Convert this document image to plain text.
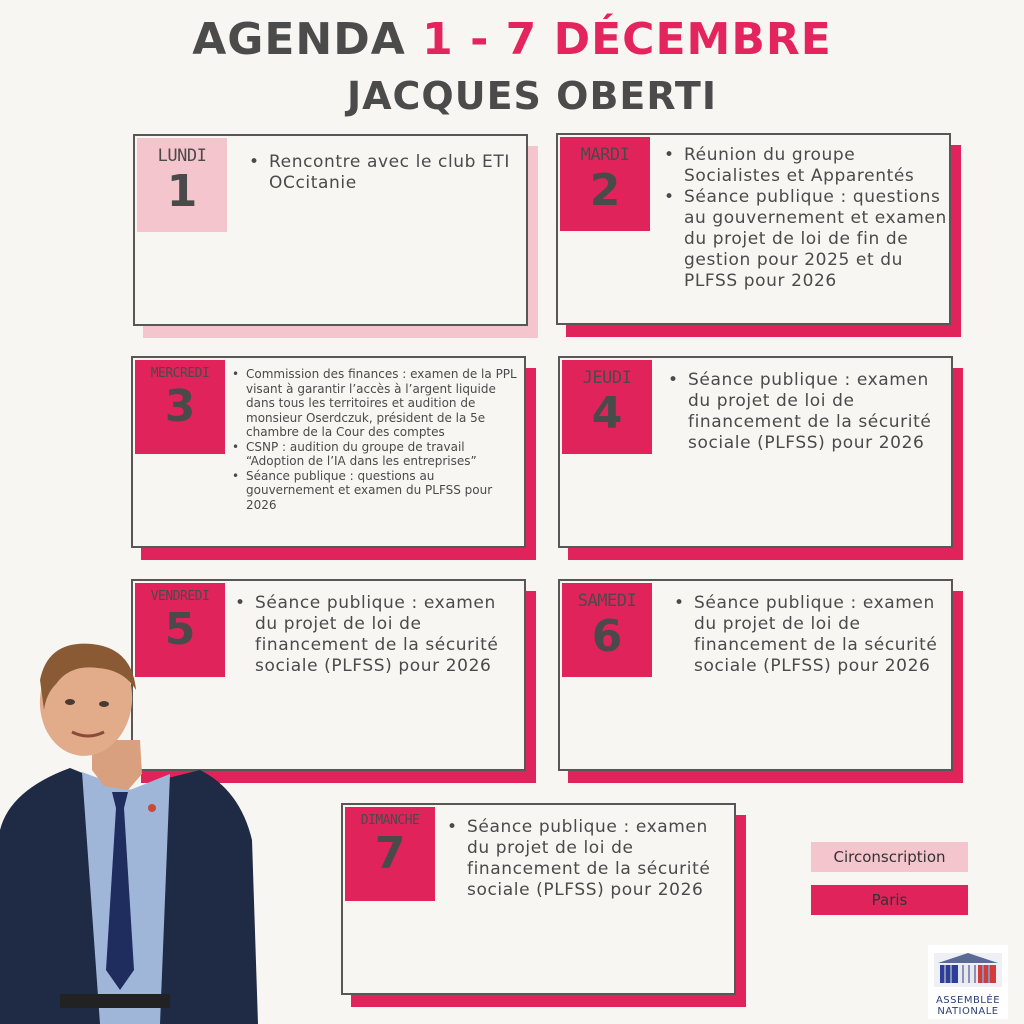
AGENDA 1 - 7 DÉCEMBRE
JACQUES OBERTI
LUNDI
1
• Rencontre avec le club ETI OCcitanie
MARDI
2
• Réunion du groupe Socialistes et Apparentés
• Séance publique : questions au gouvernement et examen du projet de loi de fin de gestion pour 2025 et du PLFSS pour 2026
MERCREDI
3
• Commission des finances : examen de la PPL visant à garantir l’accès à l’argent liquide dans tous les territoires et audition de monsieur Oserdczuk, président de la 5e chambre de la Cour des comptes
• CSNP : audition du groupe de travail “Adoption de l’IA dans les entreprises”
• Séance publique : questions au gouvernement et examen du PLFSS pour 2026
JEUDI
4
• Séance publique : examen du projet de loi de financement de la sécurité sociale (PLFSS) pour 2026
VENDREDI
5
• Séance publique : examen du projet de loi de financement de la sécurité sociale (PLFSS) pour 2026
SAMEDI
6
• Séance publique : examen du projet de loi de financement de la sécurité sociale (PLFSS) pour 2026
DIMANCHE
7
• Séance publique : examen du projet de loi de financement de la sécurité sociale (PLFSS) pour 2026
Circonscription
Paris
ASSEMBLÉE
NATIONALE
